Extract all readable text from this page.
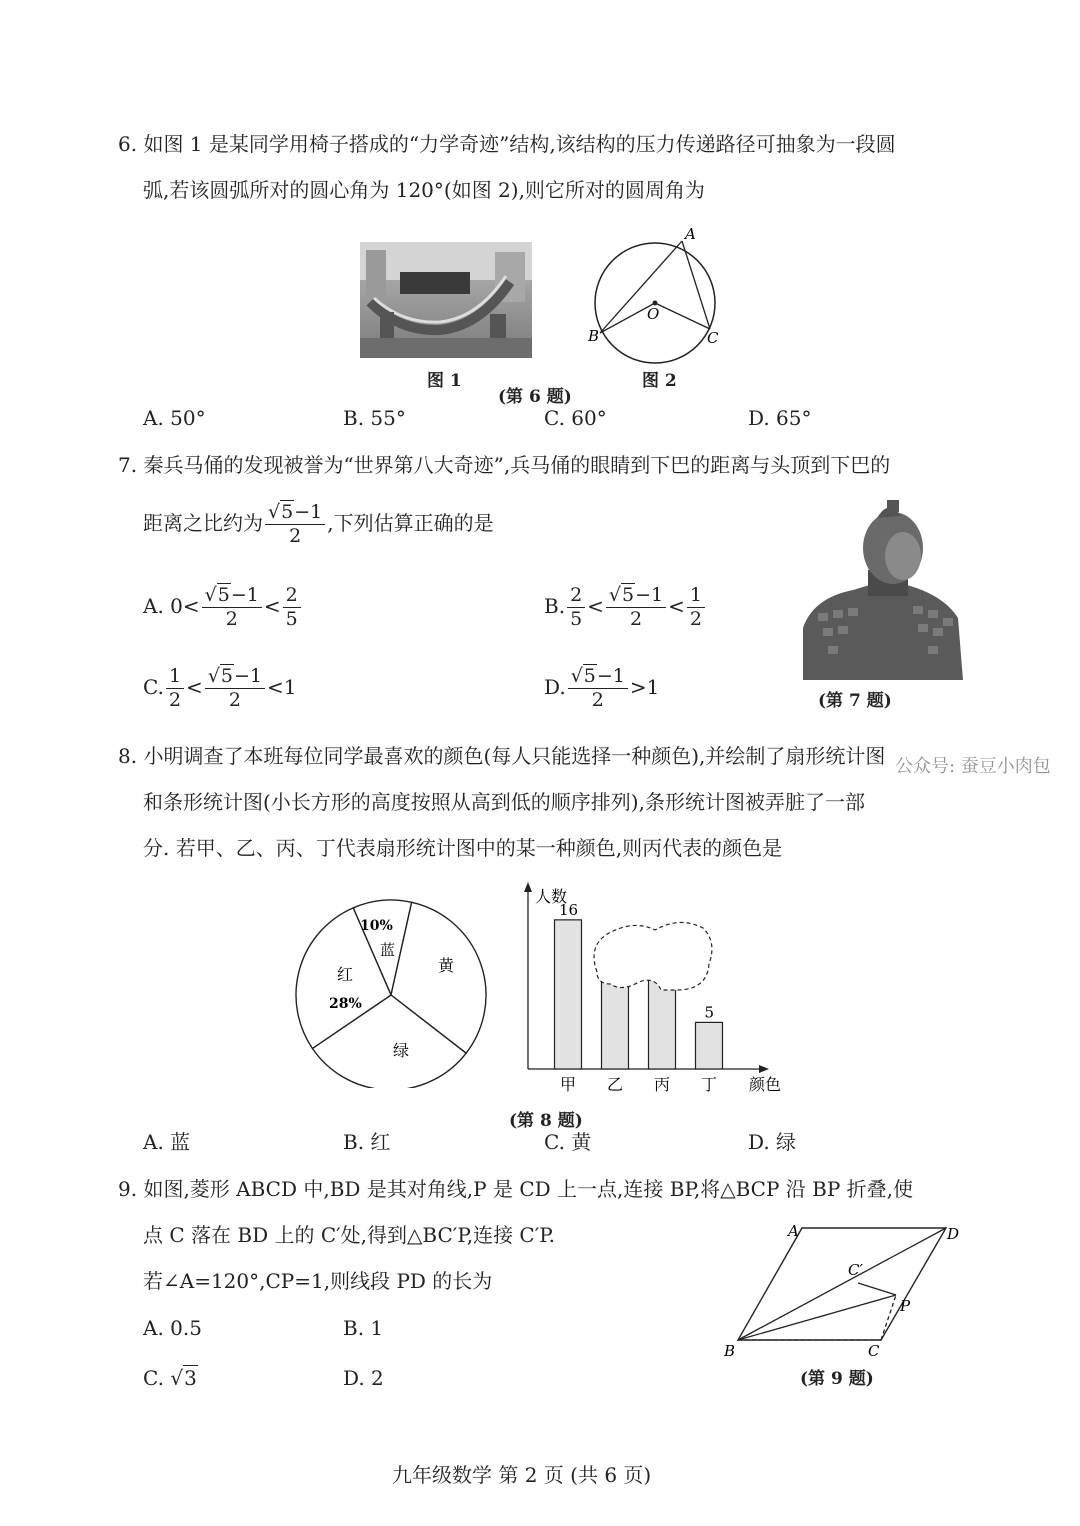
6. 如图 1 是某同学用椅子搭成的“力学奇迹”结构,该结构的压力传递路径可抽象为一段圆
弧,若该圆弧所对的圆心角为 120°(如图 2),则它所对的圆周角为
图 1
A
O
B	C
图 2
(第 6 题)
A. 50°	B. 55°	C. 60°	D. 65°
7. 秦兵马俑的发现被誉为“世界第八大奇迹”,兵马俑的眼睛到下巴的距离与头顶到下巴的
距离之比约为 $\frac{√5-1}{2}$ ,下列估算正确的是
A. $0< \frac{√5-1}{2} < \frac{2}{5}$	B. $\frac{2}{5} < \frac{√5-1}{2} < \frac{1}{2}$
C. $\frac{1}{2} < \frac{√5-1}{2} <1$	D. $\frac{√5-1}{2} >1$
(第 7 题)
公众号: 蚕豆小肉包
8. 小明调查了本班每位同学最喜欢的颜色(每人只能选择一种颜色),并绘制了扇形统计图
和条形统计图(小长方形的高度按照从高到低的顺序排列),条形统计图被弄脏了一部
分. 若甲、乙、丙、丁代表扇形统计图中的某一种颜色,则丙代表的颜色是
10%
蓝
黄
绿
红
28%
人数
颜色
甲
16
乙 丙 丁
5
(第 8 题)
A. 蓝	B. 红	C. 黄	D. 绿
9. 如图,菱形 ABCD 中,BD 是其对角线,P 是 CD 上一点,连接 BP,将△BCP 沿 BP 折叠,使
点 C 落在 BD 上的 C′处,得到△BC′P,连接 C′P.
若∠A=120°,CP=1,则线段 PD 的长为
A. 0.5	B. 1
C. √3	D. 2
A	D
C′
P
B	C
(第 9 题)
九年级数学 第 2 页 (共 6 页)
